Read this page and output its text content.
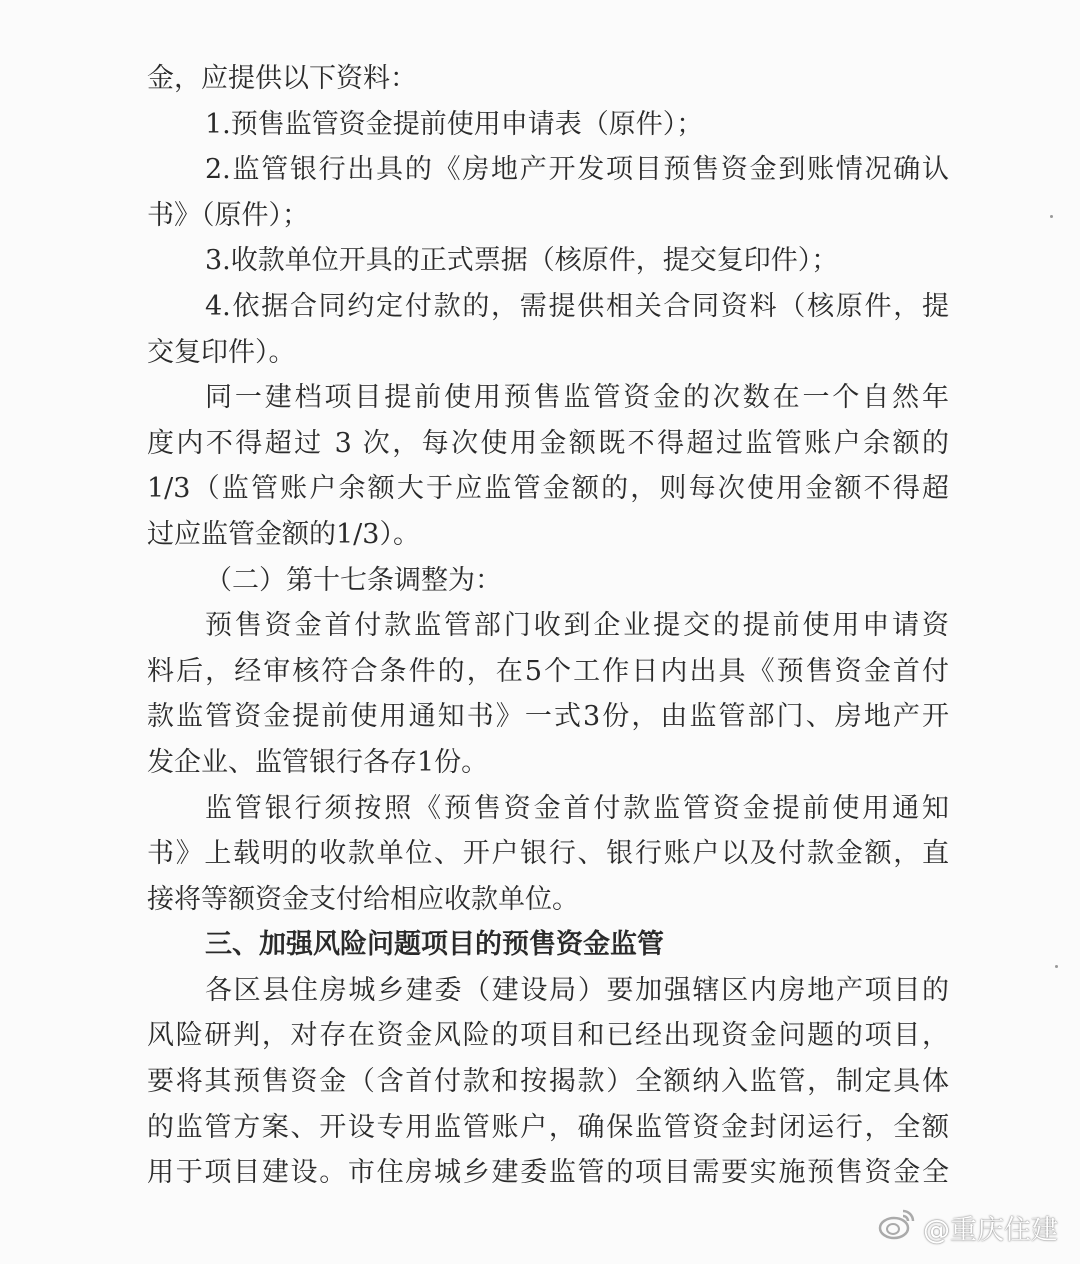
金，应提供以下资料：
1.预售监管资金提前使用申请表（原件）；
2.监管银行出具的《房地产开发项目预售资金到账情况确认
书》（原件）；
3.收款单位开具的正式票据（核原件，提交复印件）；
4.依据合同约定付款的，需提供相关合同资料（核原件，提
交复印件）。
同一建档项目提前使用预售监管资金的次数在一个自然年
度内不得超过 3 次，每次使用金额既不得超过监管账户余额的
1/3（监管账户余额大于应监管金额的，则每次使用金额不得超
过应监管金额的1/3）。
（二）第十七条调整为：
预售资金首付款监管部门收到企业提交的提前使用申请资
料后，经审核符合条件的，在5个工作日内出具《预售资金首付
款监管资金提前使用通知书》一式3份，由监管部门、房地产开
发企业、监管银行各存1份。
监管银行须按照《预售资金首付款监管资金提前使用通知
书》上载明的收款单位、开户银行、银行账户以及付款金额，直
接将等额资金支付给相应收款单位。
三、加强风险问题项目的预售资金监管
各区县住房城乡建委（建设局）要加强辖区内房地产项目的
风险研判，对存在资金风险的项目和已经出现资金问题的项目，
要将其预售资金（含首付款和按揭款）全额纳入监管，制定具体
的监管方案、开设专用监管账户，确保监管资金封闭运行，全额
用于项目建设。市住房城乡建委监管的项目需要实施预售资金全
@重庆住建
